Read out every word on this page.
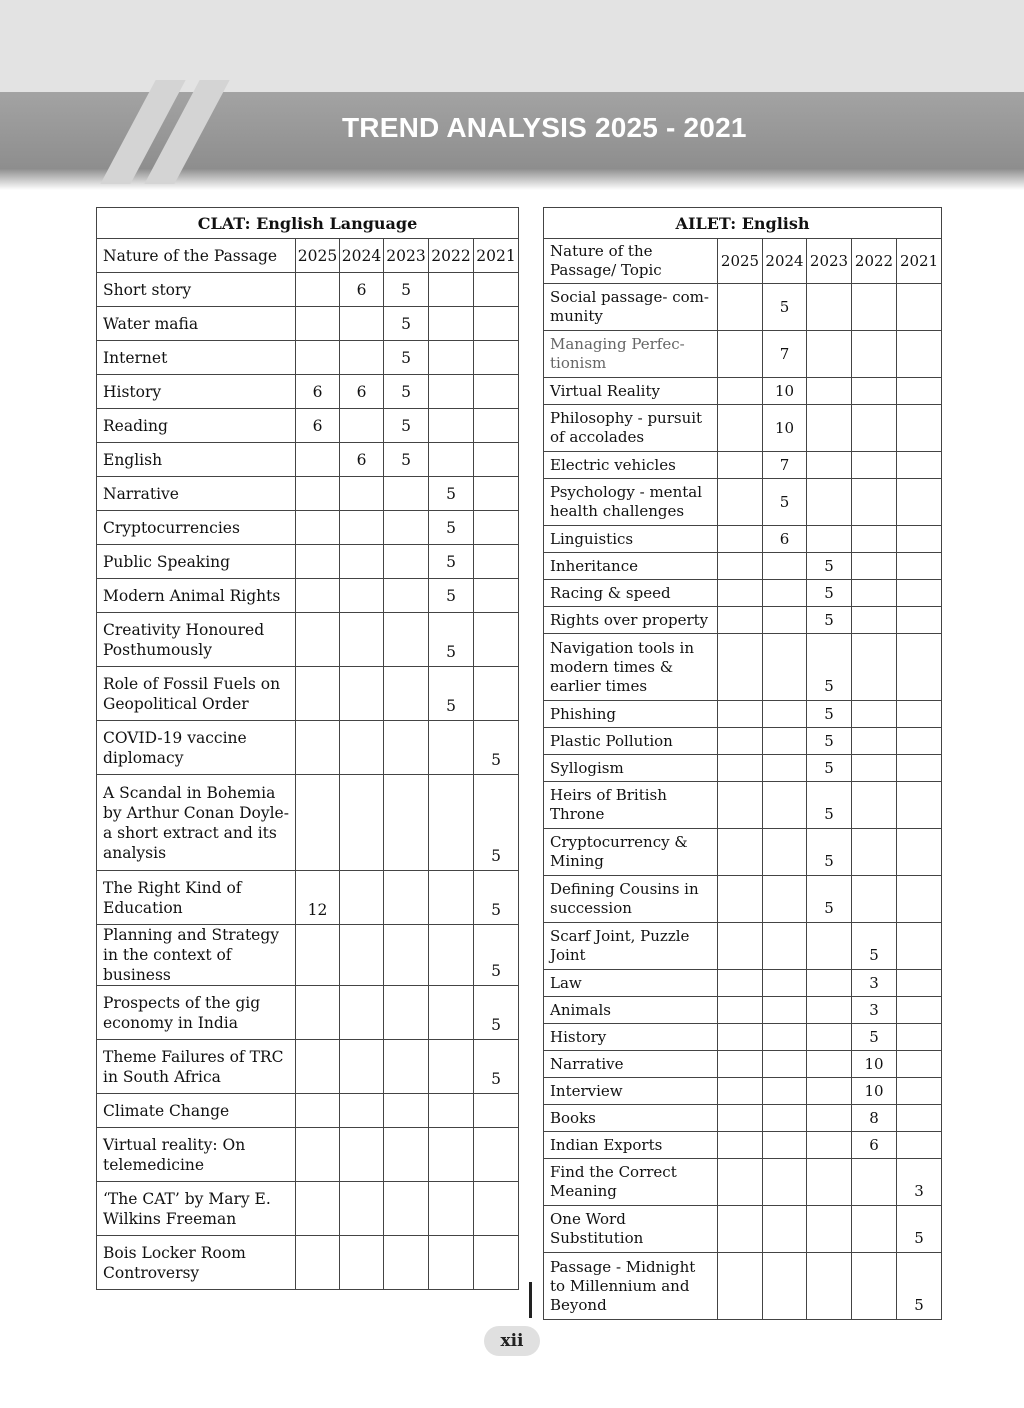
TREND ANALYSIS 2025 - 2021
CLAT: English Language					
Nature of the Passage	2025	2024	2023	2022	2021
Short story		6	5		
Water mafia			5		
Internet			5		
History	6	6	5		
Reading	6		5		
English		6	5		
Narrative				5	
Cryptocurrencies				5	
Public Speaking				5	
Modern Animal Rights				5	
Creativity Honoured Posthumously				5	
Role of Fossil Fuels on Geopolitical Order				5	
COVID-19 vaccine diplomacy					5
A Scandal in Bohemia by Arthur Conan Doyle- a short extract and its analysis					5
The Right Kind of Education	12				5
Planning and Strategy in the context of business					5
Prospects of the gig economy in India					5
Theme Failures of TRC in South Africa					5
Climate Change					
Virtual reality: On telemedicine					
‘The CAT’ by Mary E. Wilkins Freeman					
Bois Locker Room Controversy					
AILET: English					
Nature of the Passage/ Topic	2025	2024	2023	2022	2021
Social passage- com-munity		5			
Managing Perfec-tionism		7			
Virtual Reality		10			
Philosophy - pursuit of accolades		10			
Electric vehicles		7			
Psychology - mental health challenges		5			
Linguistics		6			
Inheritance			5		
Racing & speed			5		
Rights over property			5		
Navigation tools in modern times & earlier times			5		
Phishing			5		
Plastic Pollution			5		
Syllogism			5		
Heirs of British Throne			5		
Cryptocurrency & Mining			5		
Defining Cousins in succession			5		
Scarf Joint, Puzzle Joint				5	
Law				3	
Animals				3	
History				5	
Narrative				10	
Interview				10	
Books				8	
Indian Exports				6	
Find the Correct Meaning					3
One Word Substitution					5
Passage - Midnight to Millennium and Beyond					5
xii
